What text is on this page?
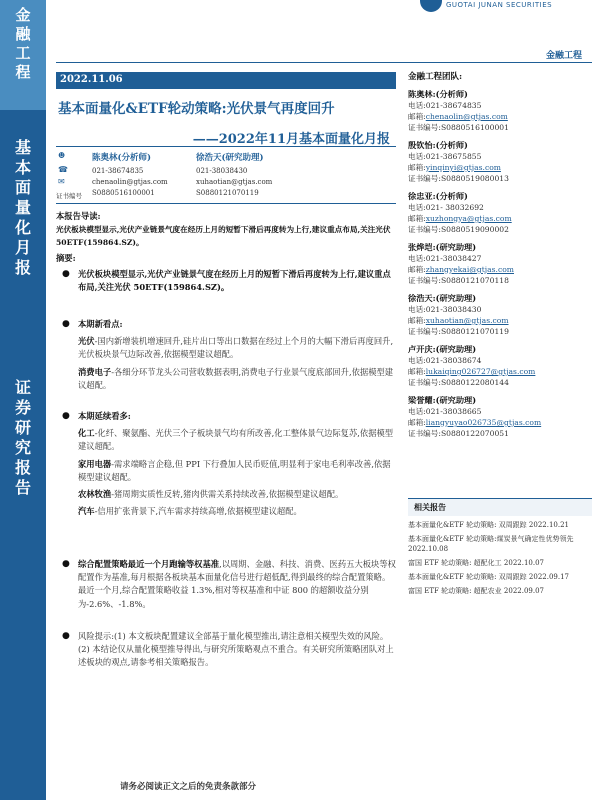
金
融
工
程
基
本
面
量
化
月
报
证
券
研
究
报
告
GUOTAI JUNAN SECURITIES
金融工程
2022.11.06
基本面量化&ETF轮动策略:光伏景气再度回升
——2022年11月基本面量化月报
☻
☎
✉
证书编号
陈奥林(分析师)
021-38674835
chenaolin@gtjas.com
S0880516100001
徐浩天(研究助理)
021-38038430
xuhaotian@gtjas.com
S0880121070119
本报告导读:
光伏板块模型显示,光伏产业链景气度在经历上月的短暂下滑后再度转为上行,建议重点布局,关注光伏 50ETF(159864.SZ)。
摘要:
● 光伏板块模型显示,光伏产业链景气度在经历上月的短暂下滑后再度转为上行,建议重点布局,关注光伏 50ETF(159864.SZ)。
● 本期新看点:
光伏-国内新增装机增速回升,硅片出口等出口数据在经过上个月的大幅下滑后再度回升,光伏板块景气边际改善,依据模型建议超配。
消费电子-各细分环节龙头公司营收数据表明,消费电子行业景气度底部回升,依据模型建议超配。
● 本期延续看多:
化工-化纤、聚氨酯、光伏三个子板块景气均有所改善,化工整体景气边际复苏,依据模型建议超配。
家用电器-需求端略言企稳,但 PPI 下行叠加人民币贬值,明显利于家电毛利率改善,依据模型建议超配。
农林牧渔-猪周期实质性反转,猪肉供需关系持续改善,依据模型建议超配。
汽车-信用扩张背景下,汽车需求持续高增,依据模型建议超配。
● 综合配置策略最近一个月跑输等权基准,以周期、金融、科技、消费、医药五大板块等权配置作为基准,每月根据各板块基本面量化信号进行超低配,得到最终的综合配置策略。最近一个月,综合配置策略收益 1.3%,相对等权基准和中证 800 的超额收益分别为-2.6%、-1.8%。
● 风险提示:(1) 本文板块配置建议全部基于量化模型推出,请注意相关模型失效的风险。(2) 本结论仅从量化模型推导得出,与研究所策略观点不重合。有关研究所策略团队对上述板块的观点,请参考相关策略报告。
金融工程团队:
陈奥林:(分析师)
电话:021-38674835
邮箱:chenaolin@gtjas.com
证书编号:S0880516100001
殷钦怡:(分析师)
电话:021-38675855
邮箱:yinqinyi@gtjas.com
证书编号:S0880519080013
徐忠亚:(分析师)
电话:021- 38032692
邮箱:xuzhongya@gtjas.com
证书编号:S0880519090002
张烨垲:(研究助理)
电话:021-38038427
邮箱:zhangyekai@gtjas.com
证书编号:S0880121070118
徐浩天:(研究助理)
电话:021-38038430
邮箱:xuhaotian@gtjas.com
证书编号:S0880121070119
卢开庆:(研究助理)
电话:021-38038674
邮箱:lukaiqing026727@gtjas.com
证书编号:S0880122080144
梁誉耀:(研究助理)
电话:021-38038665
邮箱:liangyuyao026735@gtjas.com
证书编号:S0880122070051
相关报告
基本面量化&ETF 轮动策略: 双周跟踪 2022.10.21
基本面量化&ETF 轮动策略:煤炭景气确定性优势领先 2022.10.08
富国 ETF 轮动策略: 超配化工 2022.10.07
基本面量化&ETF 轮动策略: 双周跟踪 2022.09.17
富国 ETF 轮动策略: 超配农业 2022.09.07
请务必阅读正文之后的免责条款部分
